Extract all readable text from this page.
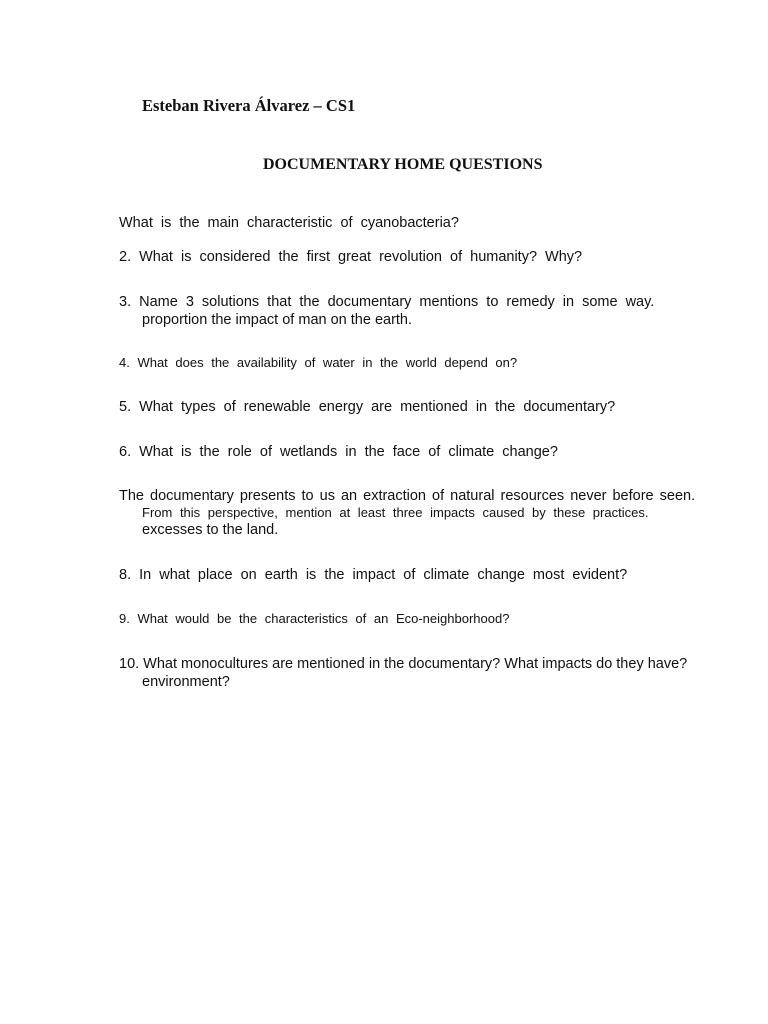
Esteban Rivera Álvarez – CS1
DOCUMENTARY HOME QUESTIONS
What is the main characteristic of cyanobacteria?
2. What is considered the first great revolution of humanity? Why?
3. Name 3 solutions that the documentary mentions to remedy in some way.
proportion the impact of man on the earth.
4. What does the availability of water in the world depend on?
5. What types of renewable energy are mentioned in the documentary?
6. What is the role of wetlands in the face of climate change?
The documentary presents to us an extraction of natural resources never before seen.
From this perspective, mention at least three impacts caused by these practices.
excesses to the land.
8. In what place on earth is the impact of climate change most evident?
9. What would be the characteristics of an Eco-neighborhood?
10. What monocultures are mentioned in the documentary? What impacts do they have?
environment?
